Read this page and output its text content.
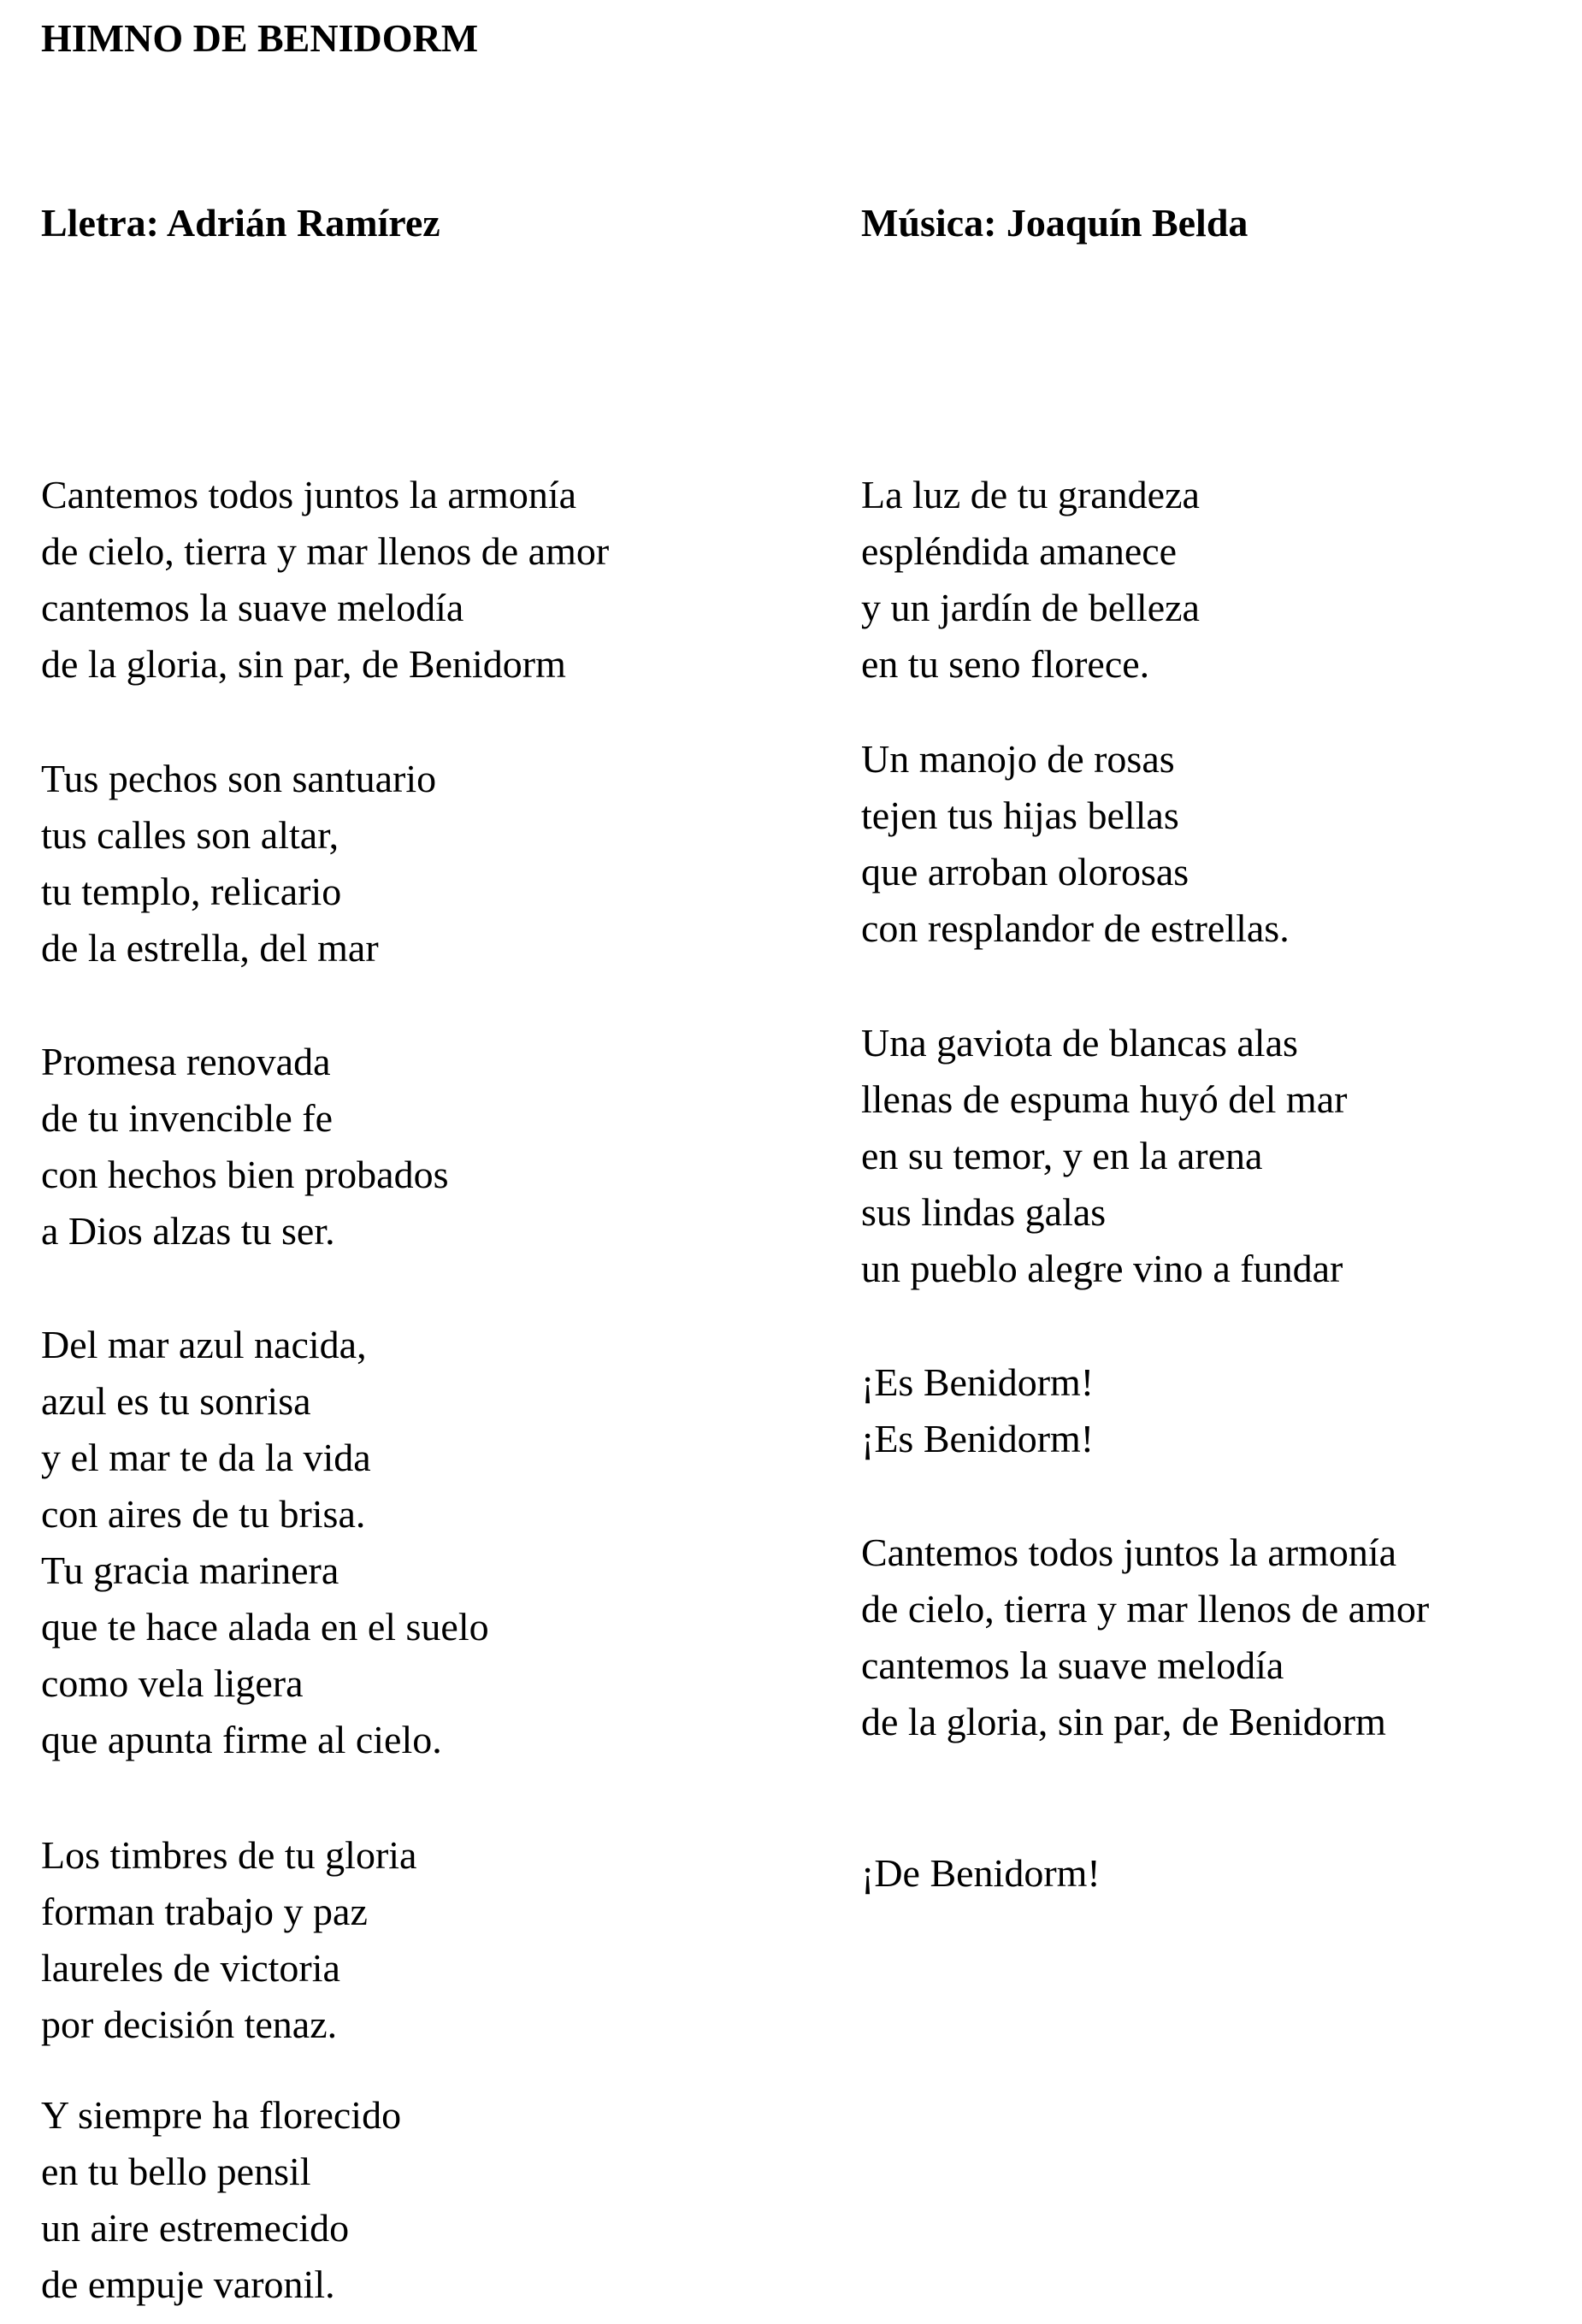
HIMNO DE BENIDORM
Lletra: Adrián Ramírez	Música: Joaquín Belda
Cantemos todos juntos la armonía
de cielo, tierra y mar llenos de amor
cantemos la suave melodía
de la gloria, sin par, de Benidorm
Tus pechos son santuario
tus calles son altar,
tu templo, relicario
de la estrella, del mar
Promesa renovada
de tu invencible fe
con hechos bien probados
a Dios alzas tu ser.
Del mar azul nacida,
azul es tu sonrisa
y el mar te da la vida
con aires de tu brisa.
Tu gracia marinera
que te hace alada en el suelo
como vela ligera
que apunta firme al cielo.
Los timbres de tu gloria
forman trabajo y paz
laureles de victoria
por decisión tenaz.
Y siempre ha florecido
en tu bello pensil
un aire estremecido
de empuje varonil.
La luz de tu grandeza
espléndida amanece
y un jardín de belleza
en tu seno florece.
Un manojo de rosas
tejen tus hijas bellas
que arroban olorosas
con resplandor de estrellas.
Una gaviota de blancas alas
llenas de espuma huyó del mar
en su temor, y en la arena
sus lindas galas
un pueblo alegre vino a fundar
¡Es Benidorm!
¡Es Benidorm!
Cantemos todos juntos la armonía
de cielo, tierra y mar llenos de amor
cantemos la suave melodía
de la gloria, sin par, de Benidorm
¡De Benidorm!
